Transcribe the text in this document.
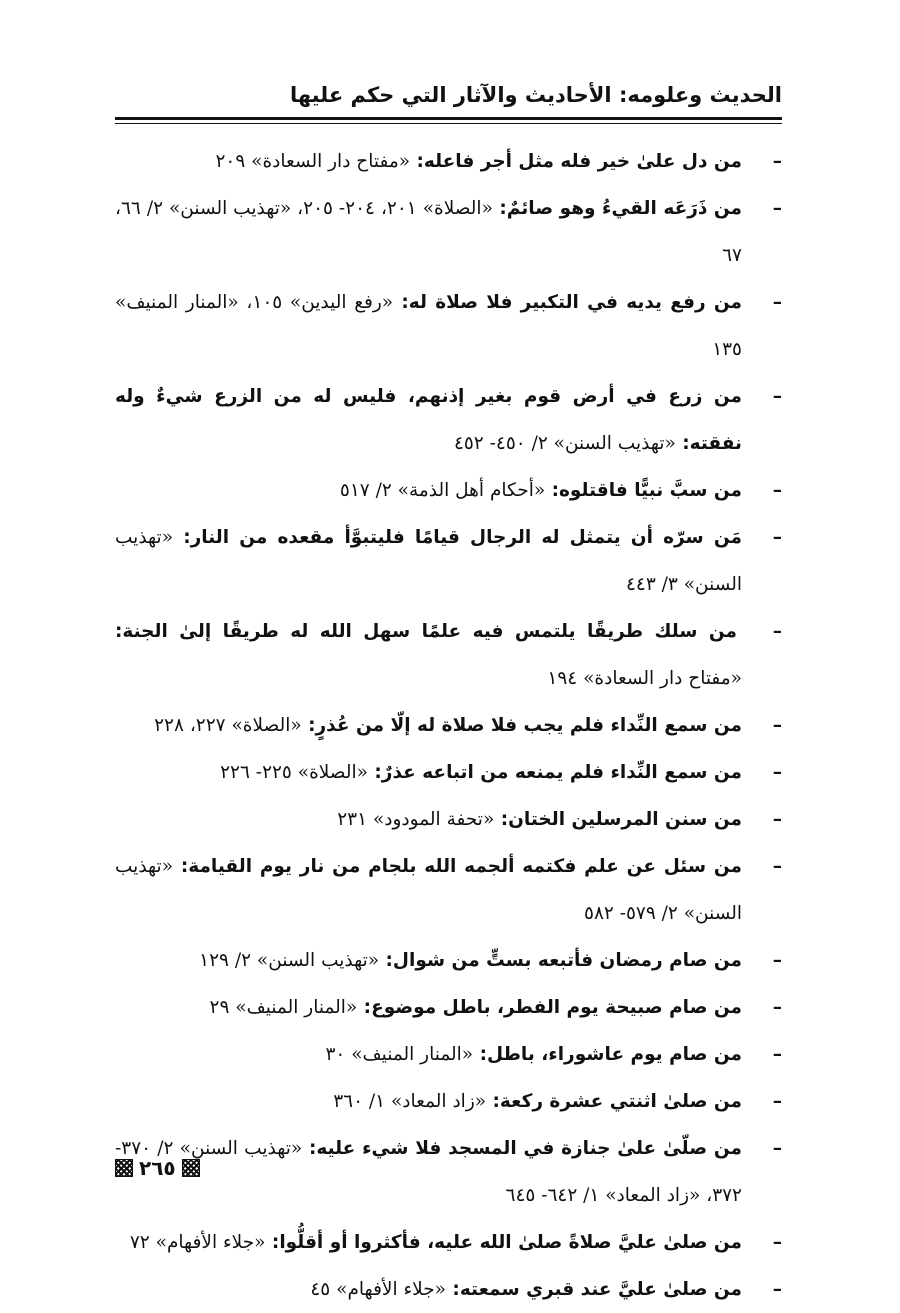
الحديث وعلومه: الأحاديث والآثار التي حكم عليها
–
من دل علىٰ خير فله مثل أجر فاعله: «مفتاح دار السعادة» ٢٠٩
–
من ذَرَعَه القيءُ وهو صائمٌ: «الصلاة» ٢٠١، ٢٠٤- ٢٠٥، «تهذيب السنن» ٢/ ٦٦، ٦٧
–
من رفع يديه في التكبير فلا صلاة له: «رفع اليدين» ١٠٥، «المنار المنيف» ١٣٥
–
من زرع في أرض قوم بغير إذنهم، فليس له من الزرع شيءٌ وله نفقته: «تهذيب السنن» ٢/ ٤٥٠- ٤٥٢
–
من سبَّ نبيًّا فاقتلوه: «أحكام أهل الذمة» ٢/ ٥١٧
–
مَن سرّه أن يتمثل له الرجال قيامًا فليتبوَّأ مقعده من النار: «تهذيب السنن» ٣/ ٤٤٣
–
من سلك طريقًا يلتمس فيه علمًا سهل الله له طريقًا إلىٰ الجنة: «مفتاح دار السعادة» ١٩٤
–
من سمع النِّداء فلم يجب فلا صلاة له إلّا من عُذرٍ: «الصلاة» ٢٢٧، ٢٢٨
–
من سمع النِّداء فلم يمنعه من اتباعه عذرٌ: «الصلاة» ٢٢٥- ٢٢٦
–
من سنن المرسلين الختان: «تحفة المودود» ٢٣١
–
من سئل عن علم فكتمه ألجمه الله بلجام من نار يوم القيامة: «تهذيب السنن» ٢/ ٥٧٩- ٥٨٢
–
من صام رمضان فأتبعه بستٍّ من شوال: «تهذيب السنن» ٢/ ١٢٩
–
من صام صبيحة يوم الفطر، باطل موضوع: «المنار المنيف» ٢٩
–
من صام يوم عاشوراء، باطل: «المنار المنيف» ٣٠
–
من صلىٰ اثنتي عشرة ركعة: «زاد المعاد» ١/ ٣٦٠
–
من صلّىٰ علىٰ جنازة في المسجد فلا شيء عليه: «تهذيب السنن» ٢/ ٣٧٠- ٣٧٢، «زاد المعاد» ١/ ٦٤٢- ٦٤٥
–
من صلىٰ عليَّ صلاةً صلىٰ الله عليه، فأكثروا أو أقلُّوا: «جلاء الأفهام» ٧٢
–
من صلىٰ عليَّ عند قبري سمعته: «جلاء الأفهام» ٤٥
٢٦٥
